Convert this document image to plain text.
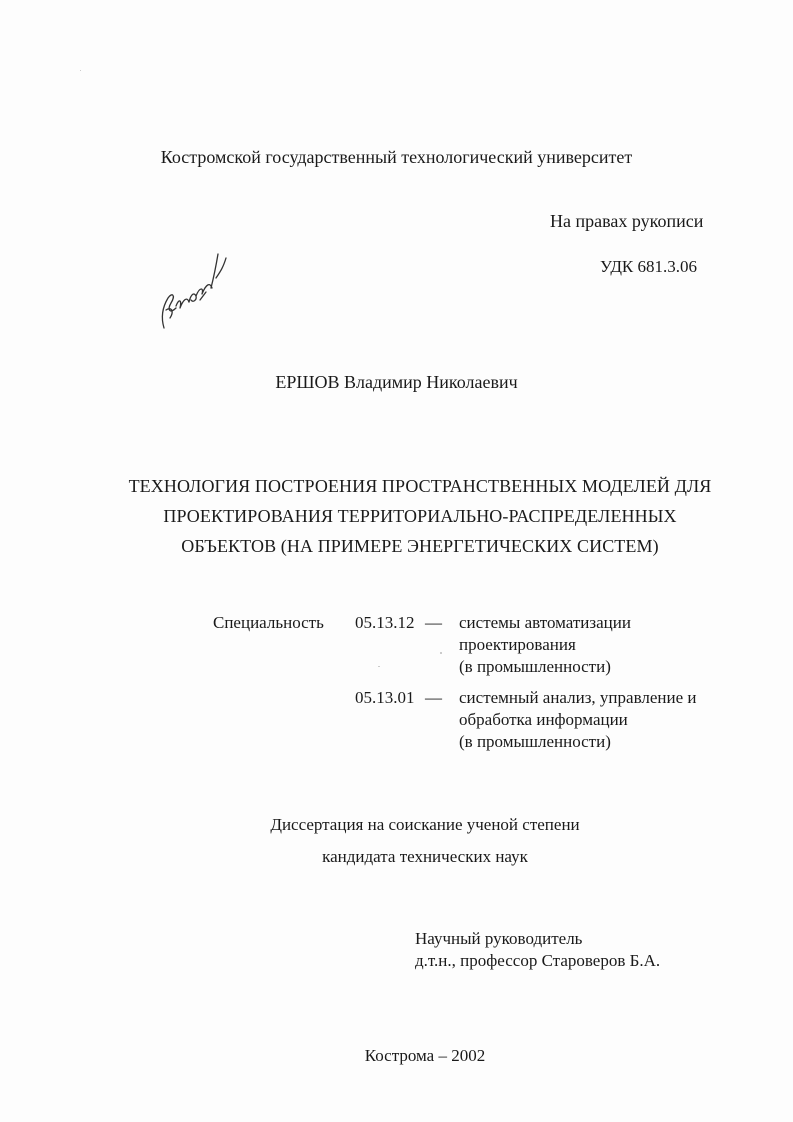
Костромской государственный технологический университет
На правах рукописи
УДК 681.3.06
ЕРШОВ Владимир Николаевич
ТЕХНОЛОГИЯ ПОСТРОЕНИЯ ПРОСТРАНСТВЕННЫХ МОДЕЛЕЙ ДЛЯ
ПРОЕКТИРОВАНИЯ ТЕРРИТОРИАЛЬНО-РАСПРЕДЕЛЕННЫХ
ОБЪЕКТОВ (НА ПРИМЕРЕ ЭНЕРГЕТИЧЕСКИХ СИСТЕМ)
Специальность 05.13.12 — системы автоматизации
проектирования
(в промышленности)
05.13.01 — системный анализ, управление и
обработка информации
(в промышленности)
Диссертация на соискание ученой степени
кандидата технических наук
Научный руководитель
д.т.н., профессор Староверов Б.А.
Кострома – 2002
